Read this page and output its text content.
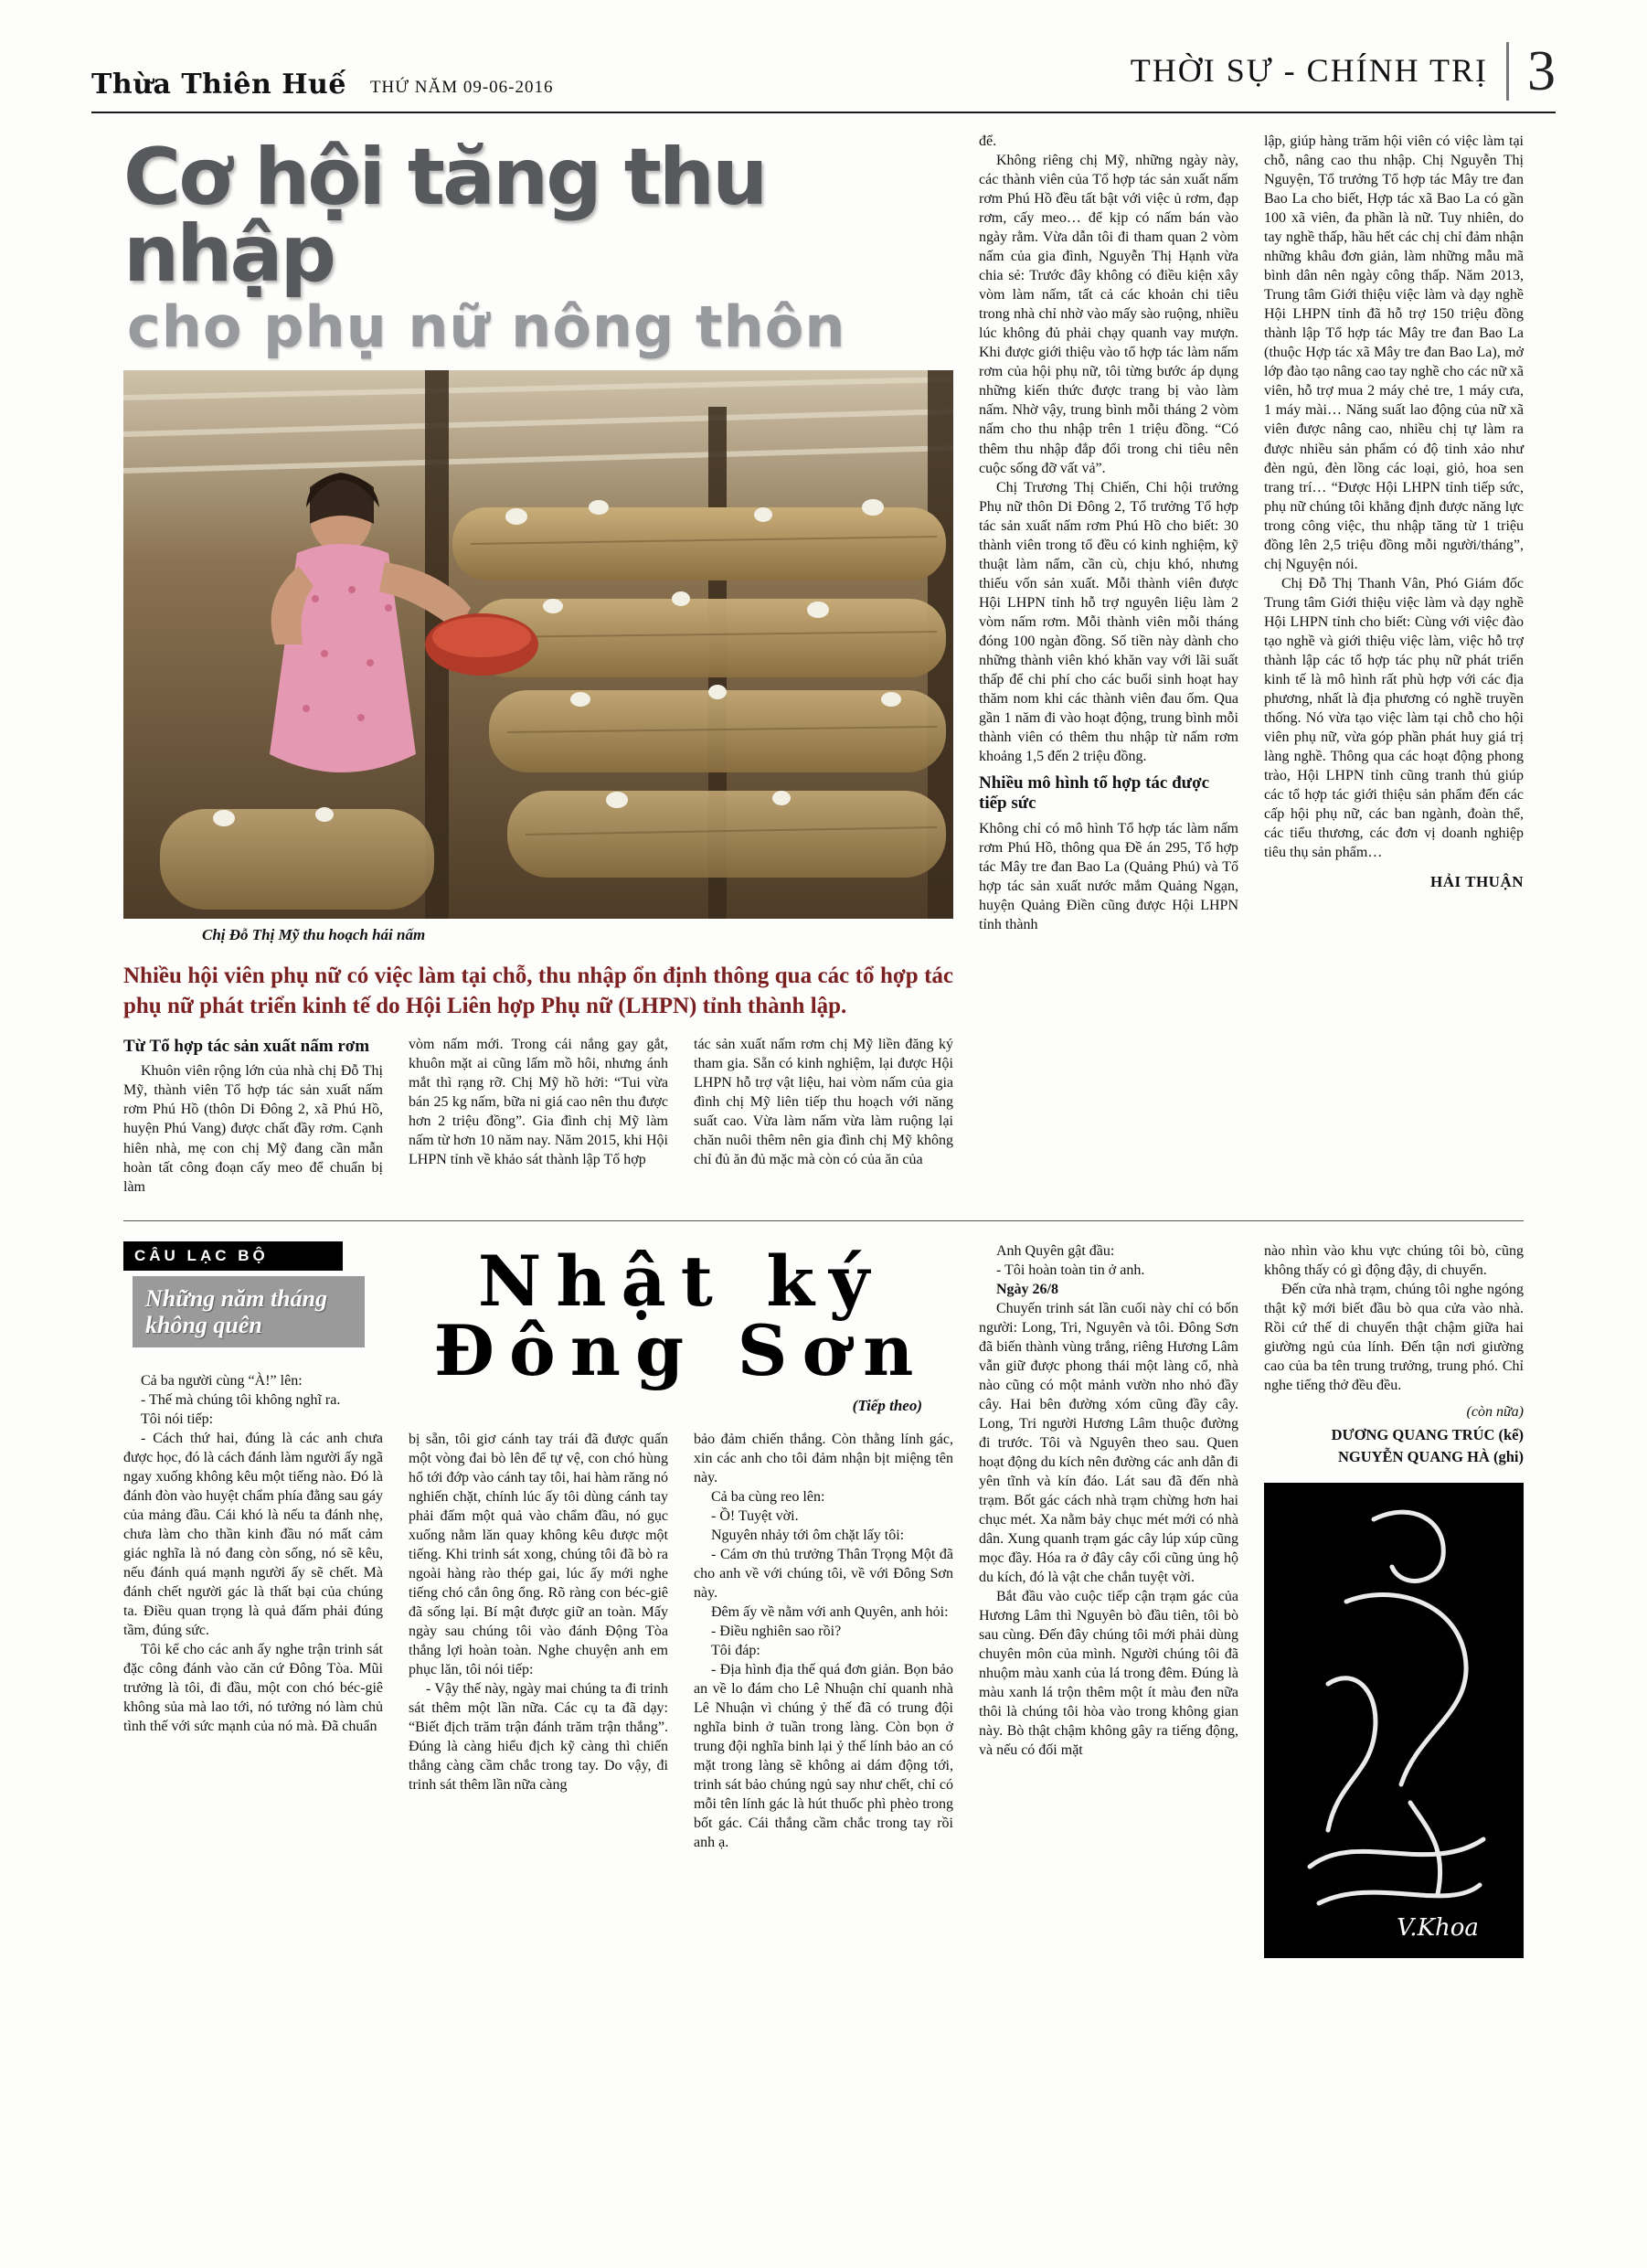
Thừa Thiên Huế THỨ NĂM 09-06-2016	THỜI SỰ - CHÍNH TRỊ 3
Cơ hội tăng thu nhập
cho phụ nữ nông thôn
Chị Đỗ Thị Mỹ thu hoạch hái nấm
Nhiều hội viên phụ nữ có việc làm tại chỗ, thu nhập ổn định thông qua các tổ hợp tác phụ nữ phát triển kinh tế do Hội Liên hợp Phụ nữ (LHPN) tỉnh thành lập.
Từ Tổ hợp tác sản xuất nấm rơm

Khuôn viên rộng lớn của nhà chị Đỗ Thị Mỹ, thành viên Tổ hợp tác sản xuất nấm rơm Phú Hồ (thôn Di Đông 2, xã Phú Hồ, huyện Phú Vang) được chất đầy rơm. Cạnh hiên nhà, mẹ con chị Mỹ đang cần mẫn hoàn tất công đoạn cấy meo để chuẩn bị làm

vòm nấm mới. Trong cái nắng gay gắt, khuôn mặt ai cũng lấm mồ hôi, nhưng ánh mắt thì rạng rỡ. Chị Mỹ hồ hởi: “Tui vừa bán 25 kg nấm, bữa ni giá cao nên thu được hơn 2 triệu đồng”. Gia đình chị Mỹ làm nấm từ hơn 10 năm nay. Năm 2015, khi Hội LHPN tỉnh về khảo sát thành lập Tổ hợp

tác sản xuất nấm rơm chị Mỹ liền đăng ký tham gia. Sẵn có kinh nghiệm, lại được Hội LHPN hỗ trợ vật liệu, hai vòm nấm của gia đình chị Mỹ liên tiếp thu hoạch với năng suất cao. Vừa làm nấm vừa làm ruộng lại chăn nuôi thêm nên gia đình chị Mỹ không chỉ đủ ăn đủ mặc mà còn có của ăn của

để.

Không riêng chị Mỹ, những ngày này, các thành viên của Tổ hợp tác sản xuất nấm rơm Phú Hồ đều tất bật với việc ủ rơm, đạp rơm, cấy meo… để kịp có nấm bán vào ngày rằm. Vừa dẫn tôi đi tham quan 2 vòm nấm của gia đình, Nguyễn Thị Hạnh vừa chia sẻ: Trước đây không có điều kiện xây vòm làm nấm, tất cả các khoản chi tiêu trong nhà chỉ nhờ vào mấy sào ruộng, nhiều lúc không đủ phải chạy quanh vay mượn. Khi được giới thiệu vào tổ hợp tác làm nấm rơm của hội phụ nữ, tôi từng bước áp dụng những kiến thức được trang bị vào làm nấm. Nhờ vậy, trung bình mỗi tháng 2 vòm nấm cho thu nhập trên 1 triệu đồng. “Có thêm thu nhập đắp đổi trong chi tiêu nên cuộc sống đỡ vất vả”.

Chị Trương Thị Chiến, Chi hội trưởng Phụ nữ thôn Di Đông 2, Tổ trưởng Tổ hợp tác sản xuất nấm rơm Phú Hồ cho biết: 30 thành viên trong tổ đều có kinh nghiệm, kỹ thuật làm nấm, cần cù, chịu khó, nhưng thiếu vốn sản xuất. Mỗi thành viên được Hội LHPN tỉnh hỗ trợ nguyên liệu làm 2 vòm nấm rơm. Mỗi thành viên mỗi tháng đóng 100 ngàn đồng. Số tiền này dành cho những thành viên khó khăn vay với lãi suất thấp để chi phí cho các buổi sinh hoạt hay thăm nom khi các thành viên đau ốm. Qua gần 1 năm đi vào hoạt động, trung bình mỗi thành viên có thêm thu nhập từ nấm rơm khoảng 1,5 đến 2 triệu đồng.

Nhiều mô hình tổ hợp tác được tiếp sức

Không chỉ có mô hình Tổ hợp tác làm nấm rơm Phú Hồ, thông qua Đề án 295, Tổ hợp tác Mây tre đan Bao La (Quảng Phú) và Tổ hợp tác sản xuất nước mắm Quảng Ngạn, huyện Quảng Điền cũng được Hội LHPN tỉnh thành

lập, giúp hàng trăm hội viên có việc làm tại chỗ, nâng cao thu nhập. Chị Nguyễn Thị Nguyện, Tổ trưởng Tổ hợp tác Mây tre đan Bao La cho biết, Hợp tác xã Bao La có gần 100 xã viên, đa phần là nữ. Tuy nhiên, do tay nghề thấp, hầu hết các chị chỉ đảm nhận những khâu đơn giản, làm những mẫu mã bình dân nên ngày công thấp. Năm 2013, Trung tâm Giới thiệu việc làm và dạy nghề Hội LHPN tỉnh đã hỗ trợ 150 triệu đồng thành lập Tổ hợp tác Mây tre đan Bao La (thuộc Hợp tác xã Mây tre đan Bao La), mở lớp đào tạo nâng cao tay nghề cho các nữ xã viên, hỗ trợ mua 2 máy chẻ tre, 1 máy cưa, 1 máy mài… Năng suất lao động của nữ xã viên được nâng cao, nhiều chị tự làm ra được nhiều sản phẩm có độ tinh xảo như đèn ngủ, đèn lồng các loại, giỏ, hoa sen trang trí… “Được Hội LHPN tỉnh tiếp sức, phụ nữ chúng tôi khẳng định được năng lực trong công việc, thu nhập tăng từ 1 triệu đồng lên 2,5 triệu đồng mỗi người/tháng”, chị Nguyện nói.

Chị Đỗ Thị Thanh Vân, Phó Giám đốc Trung tâm Giới thiệu việc làm và dạy nghề Hội LHPN tỉnh cho biết: Cùng với việc đào tạo nghề và giới thiệu việc làm, việc hỗ trợ thành lập các tổ hợp tác phụ nữ phát triển kinh tế là mô hình rất phù hợp với các địa phương, nhất là địa phương có nghề truyền thống. Nó vừa tạo việc làm tại chỗ cho hội viên phụ nữ, vừa góp phần phát huy giá trị làng nghề. Thông qua các hoạt động phong trào, Hội LHPN tỉnh cũng tranh thủ giúp các tổ hợp tác giới thiệu sản phẩm đến các cấp hội phụ nữ, các ban ngành, đoàn thể, các tiểu thương, các đơn vị doanh nghiệp tiêu thụ sản phẩm…

HẢI THUẬN
CÂU LẠC BỘ
Những năm tháng không quên

Cả ba người cùng “À!” lên:

- Thế mà chúng tôi không nghĩ ra.

Tôi nói tiếp:

- Cách thứ hai, đúng là các anh chưa được học, đó là cách đánh làm người ấy ngã ngay xuống không kêu một tiếng nào. Đó là đánh đòn vào huyệt chẩm phía đằng sau gáy của mảng đầu. Cái khó là nếu ta đánh nhẹ, chưa làm cho thần kinh đầu nó mất cảm giác nghĩa là nó đang còn sống, nó sẽ kêu, nếu đánh quá mạnh người ấy sẽ chết. Mà đánh chết người gác là thất bại của chúng ta. Điều quan trọng là quả đấm phải đúng tầm, đúng sức.

Tôi kể cho các anh ấy nghe trận trinh sát đặc công đánh vào căn cứ Đông Tòa. Mũi trưởng là tôi, đi đầu, một con chó béc-giê không sủa mà lao tới, nó tưởng nó làm chủ tình thế với sức mạnh của nó mà. Đã chuẩn

Nhật ký
Đông Sơn
(Tiếp theo)

bị sẵn, tôi giơ cánh tay trái đã được quấn một vòng đai bò lên để tự vệ, con chó hùng hổ tới đớp vào cánh tay tôi, hai hàm răng nó nghiến chặt, chính lúc ấy tôi dùng cánh tay phải đấm một quả vào chẩm đầu, nó gục xuống nằm lăn quay không kêu được một tiếng. Khi trinh sát xong, chúng tôi đã bò ra ngoài hàng rào thép gai, lúc ấy mới nghe tiếng chó cắn ông ổng. Rõ ràng con béc-giê đã sống lại. Bí mật được giữ an toàn. Mấy ngày sau chúng tôi vào đánh Động Tòa thắng lợi hoàn toàn. Nghe chuyện anh em phục lăn, tôi nói tiếp:

- Vậy thế này, ngày mai chúng ta đi trinh sát thêm một lần nữa. Các cụ ta đã dạy: “Biết địch trăm trận đánh trăm trận thắng”. Đúng là càng hiểu địch kỹ càng thì chiến thắng càng cầm chắc trong tay. Do vậy, đi trinh sát thêm lần nữa càng

bảo đảm chiến thắng. Còn thằng lính gác, xin các anh cho tôi đảm nhận bịt miệng tên này.

Cả ba cùng reo lên:

- Ồ! Tuyệt vời.

Nguyên nhảy tới ôm chặt lấy tôi:

- Cám ơn thủ trưởng Thân Trọng Một đã cho anh về với chúng tôi, về với Đông Sơn này.

Đêm ấy về nằm với anh Quyên, anh hỏi:

- Điều nghiên sao rồi?

Tôi đáp:

- Địa hình địa thế quá đơn giản. Bọn bảo an về lo đám cho Lê Nhuận chỉ quanh nhà Lê Nhuận vì chúng ỷ thế đã có trung đội nghĩa binh ở tuần trong làng. Còn bọn ở trung đội nghĩa binh lại ỷ thế lính bảo an có mặt trong làng sẽ không ai dám động tới, trinh sát bảo chúng ngủ say như chết, chỉ có mỗi tên lính gác là hút thuốc phì phèo trong bốt gác. Cái thắng cầm chắc trong tay rồi anh ạ.

Anh Quyên gật đầu:

- Tôi hoàn toàn tin ở anh.

Ngày 26/8

Chuyến trinh sát lần cuối này chỉ có bốn người: Long, Tri, Nguyên và tôi. Đông Sơn đã biến thành vùng trắng, riêng Hương Lâm vẫn giữ được phong thái một làng cổ, nhà nào cũng có một mảnh vườn nho nhỏ đầy cây. Hai bên đường xóm cũng đầy cây. Long, Tri người Hương Lâm thuộc đường đi trước. Tôi và Nguyên theo sau. Quen hoạt động du kích nên đường các anh dẫn đi yên tĩnh và kín đáo. Lát sau đã đến nhà trạm. Bốt gác cách nhà trạm chừng hơn hai chục mét. Xa nằm bảy chục mét mới có nhà dân. Xung quanh trạm gác cây lúp xúp cũng mọc đầy. Hóa ra ở đây cây cối cũng ủng hộ du kích, đó là vật che chắn tuyệt vời.

Bắt đầu vào cuộc tiếp cận trạm gác của Hương Lâm thì Nguyên bò đầu tiên, tôi bò sau cùng. Đến đây chúng tôi mới phải dùng chuyên môn của mình. Người chúng tôi đã nhuộm màu xanh của lá trong đêm. Đúng là màu xanh lá trộn thêm một ít màu đen nữa thôi là chúng tôi hòa vào trong không gian này. Bò thật chậm không gây ra tiếng động, và nếu có đối mặt

nào nhìn vào khu vực chúng tôi bò, cũng không thấy có gì động đậy, di chuyển.

Đến cửa nhà trạm, chúng tôi nghe ngóng thật kỹ mới biết đầu bò qua cửa vào nhà. Rồi cứ thế di chuyển thật chậm giữa hai giường ngủ của lính. Đến tận nơi giường cao của ba tên trung trưởng, trung phó. Chỉ nghe tiếng thở đều đều.

(còn nữa)
DƯƠNG QUANG TRÚC (kể)
NGUYỄN QUANG HÀ (ghi)
V.Khoa
